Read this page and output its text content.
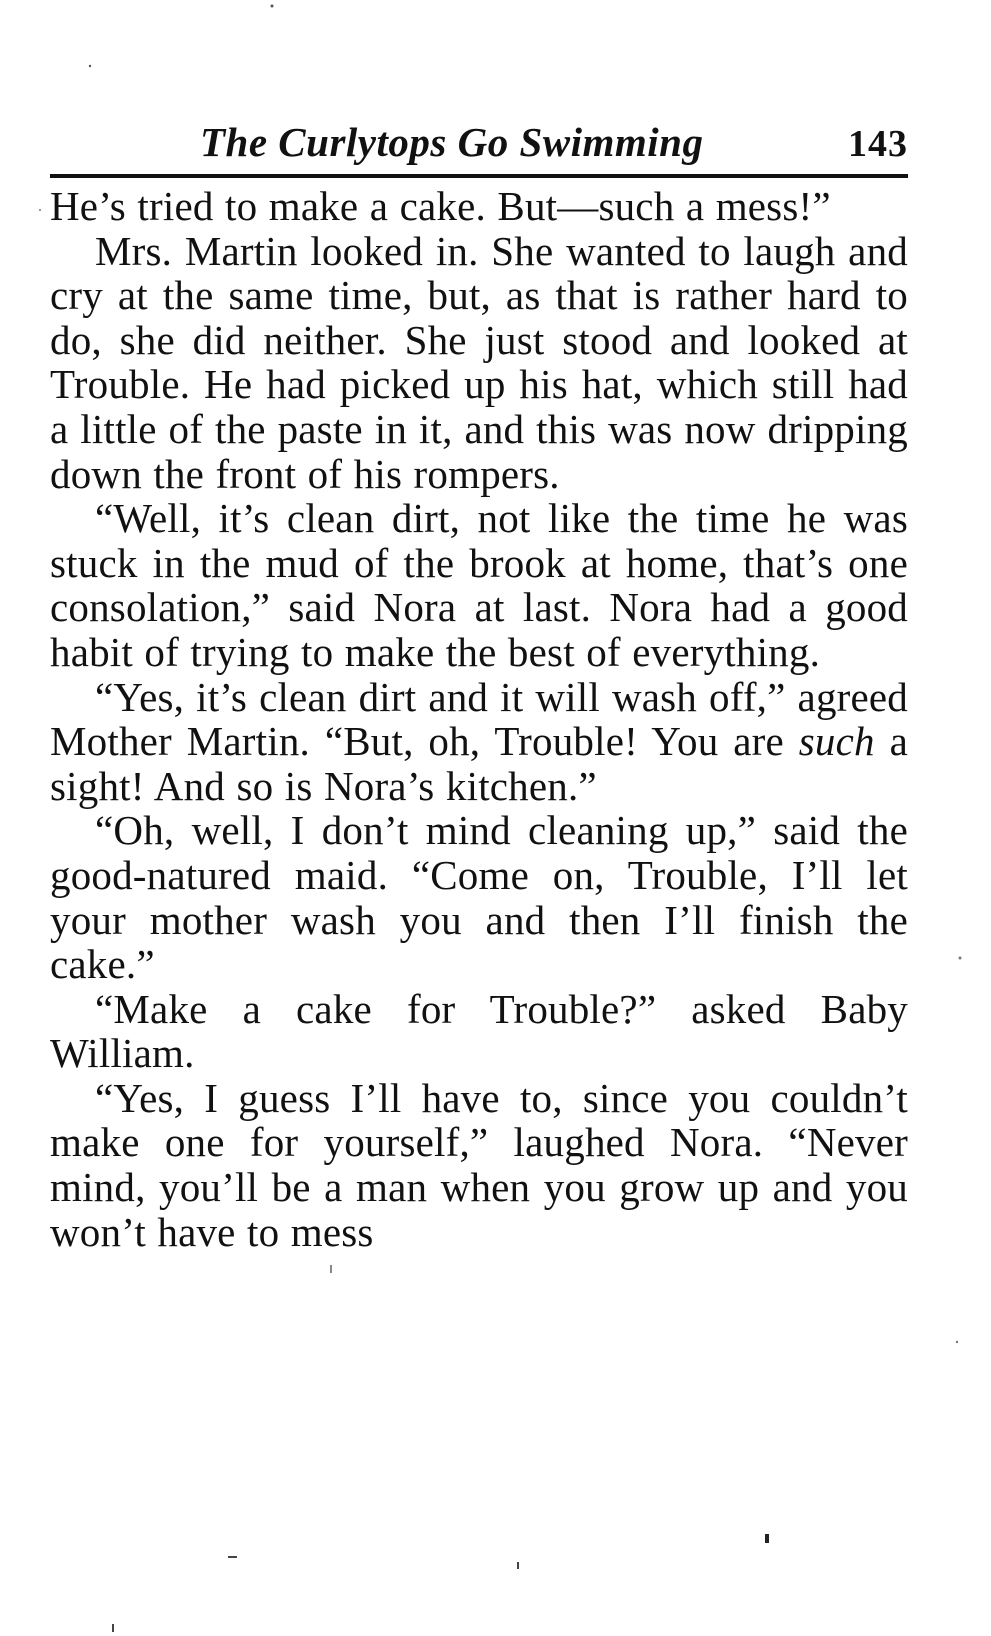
The Curlytops Go Swimming	143

He’s tried to make a cake. But—such a mess!”

Mrs. Martin looked in. She wanted to laugh and cry at the same time, but, as that is rather hard to do, she did neither. She just stood and looked at Trouble. He had picked up his hat, which still had a little of the paste in it, and this was now dripping down the front of his rompers.

“Well, it’s clean dirt, not like the time he was stuck in the mud of the brook at home, that’s one consolation,” said Nora at last. Nora had a good habit of trying to make the best of everything.

“Yes, it’s clean dirt and it will wash off,” agreed Mother Martin. “But, oh, Trouble! You are such a sight! And so is Nora’s kitchen.”

“Oh, well, I don’t mind cleaning up,” said the good-natured maid. “Come on, Trouble, I’ll let your mother wash you and then I’ll finish the cake.”

“Make a cake for Trouble?” asked Baby William.

“Yes, I guess I’ll have to, since you couldn’t make one for yourself,” laughed Nora. “Never mind, you’ll be a man when you grow up and you won’t have to mess
